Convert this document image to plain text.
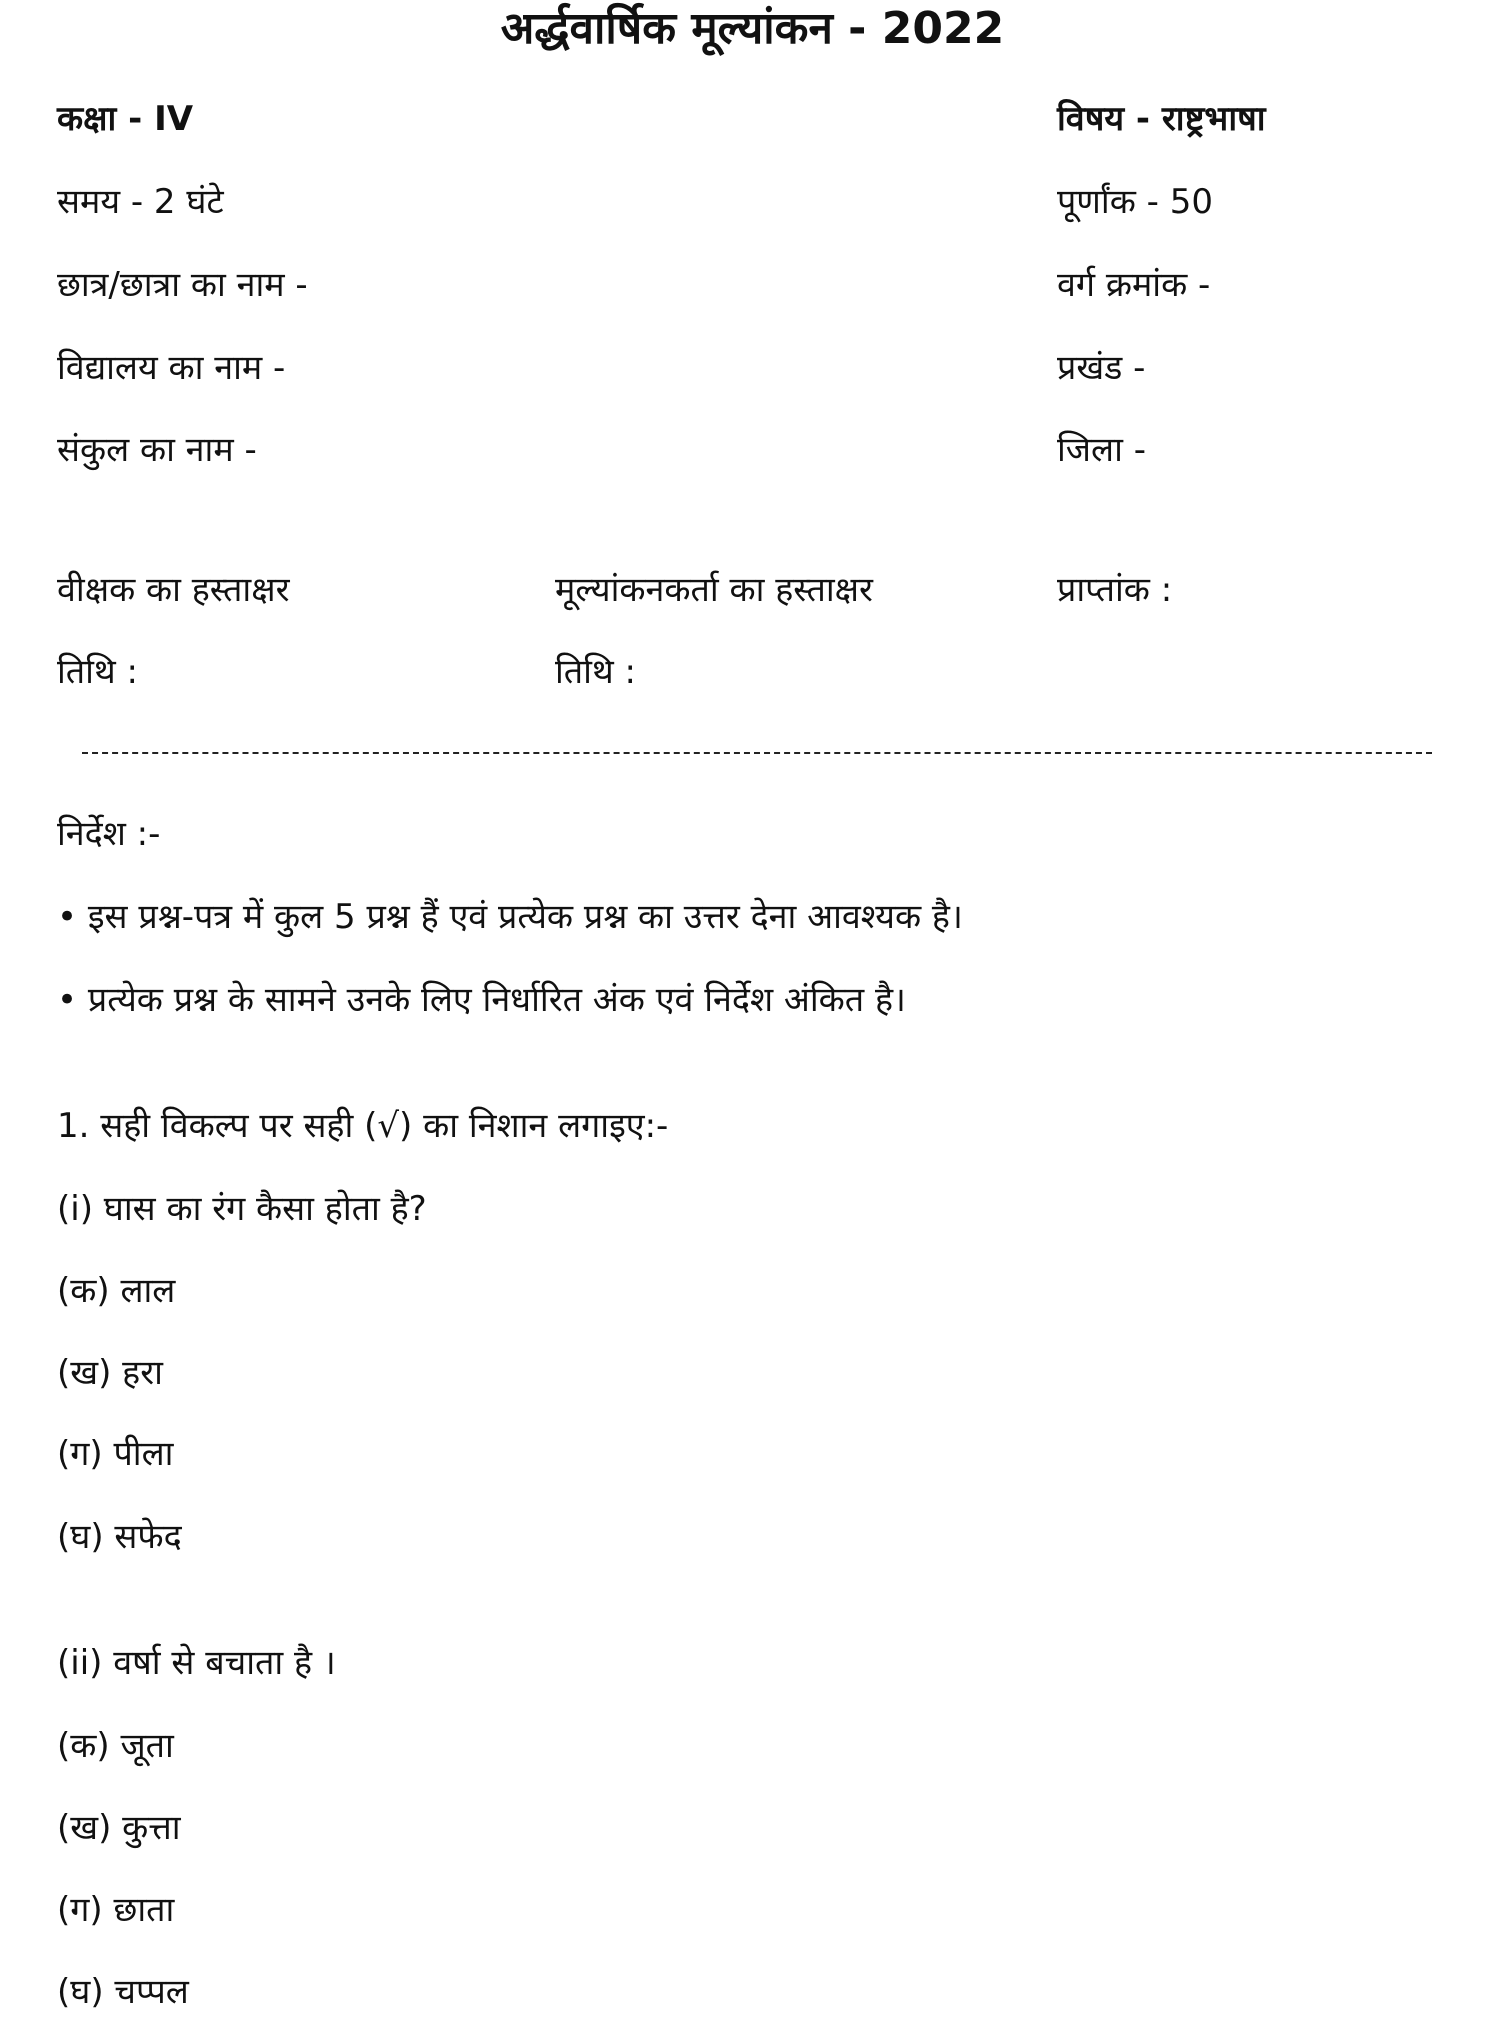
अर्द्धवार्षिक मूल्यांकन - 2022
कक्षा - IV	विषय - राष्ट्रभाषा
समय - 2 घंटे	पूर्णांक - 50
छात्र/छात्रा का नाम -	वर्ग क्रमांक -
विद्यालय का नाम -	प्रखंड -
संकुल का नाम -	जिला -
वीक्षक का हस्ताक्षर	मूल्यांकनकर्ता का हस्ताक्षर	प्राप्तांक :
तिथि :	तिथि :
निर्देश :-
• इस प्रश्न-पत्र में कुल 5 प्रश्न हैं एवं प्रत्येक प्रश्न का उत्तर देना आवश्यक है।
• प्रत्येक प्रश्न के सामने उनके लिए निर्धारित अंक एवं निर्देश अंकित है।
1. सही विकल्प पर सही (√) का निशान लगाइए:-
(i) घास का रंग कैसा होता है?
(क) लाल
(ख) हरा
(ग) पीला
(घ) सफेद
(ii) वर्षा से बचाता है ।
(क) जूता
(ख) कुत्ता
(ग) छाता
(घ) चप्पल
